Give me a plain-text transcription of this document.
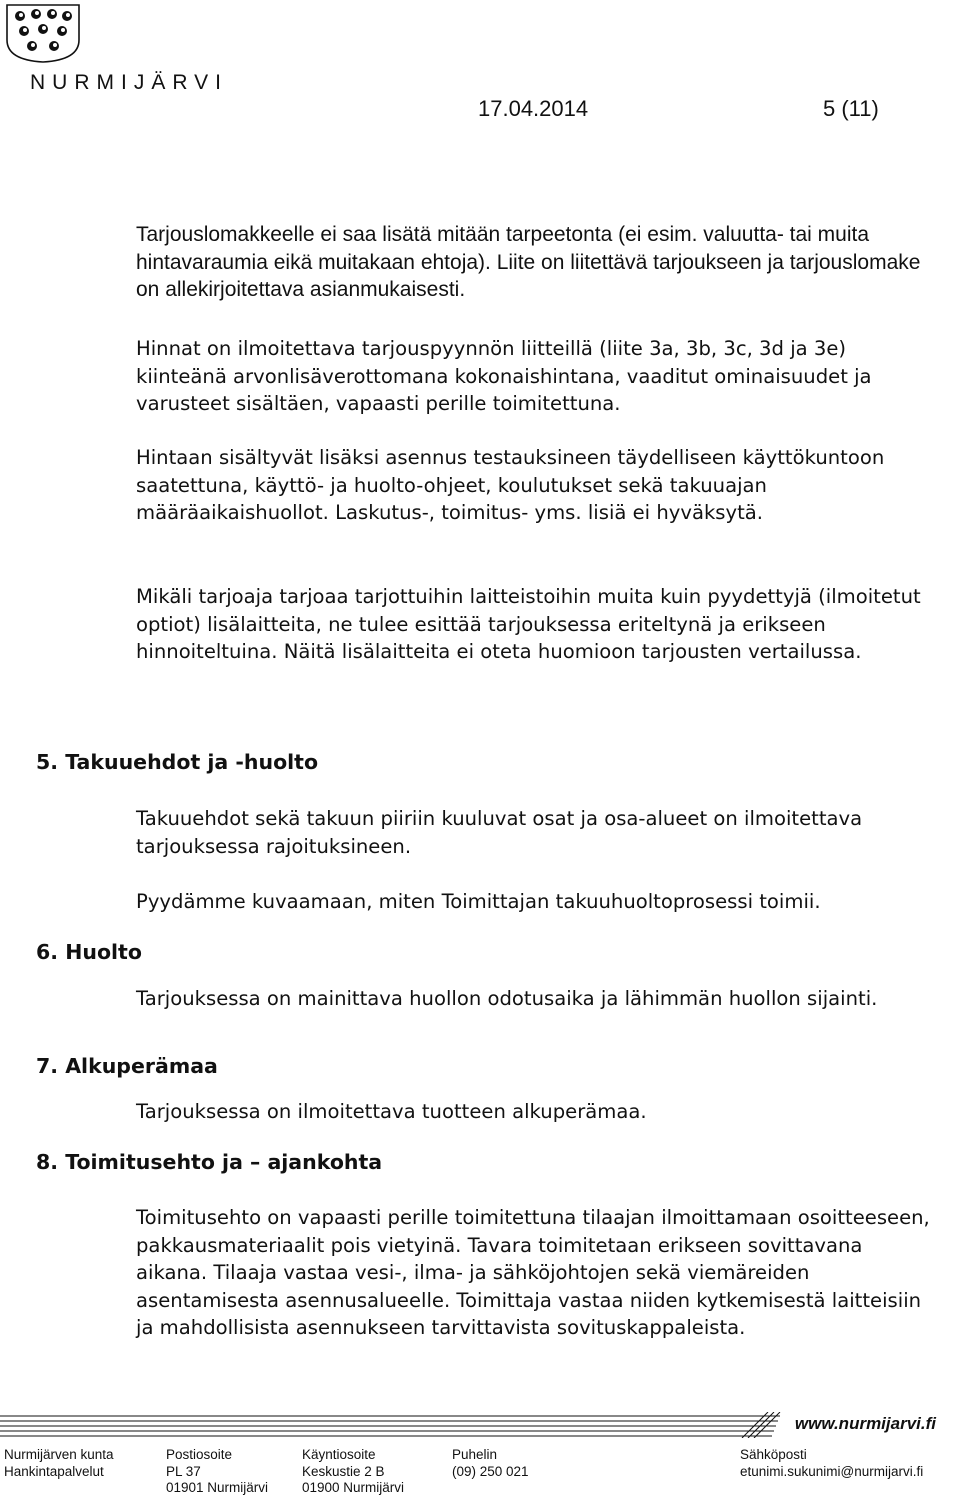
NURMIJÄRVI
17.04.2014	5 (11)

Tarjouslomakkeelle ei saa lisätä mitään tarpeetonta (ei esim. valuutta- tai muita hintavaraumia eikä muitakaan ehtoja). Liite on liitettävä tarjoukseen ja tarjouslomake on allekirjoitettava asianmukaisesti.

Hinnat on ilmoitettava tarjouspyynnön liitteillä (liite 3a, 3b, 3c, 3d ja 3e) kiinteänä arvonlisäverottomana kokonaishintana, vaaditut ominaisuudet ja varusteet sisältäen, vapaasti perille toimitettuna.

Hintaan sisältyvät lisäksi asennus testauksineen täydelliseen käyttökuntoon saatettuna, käyttö- ja huolto-ohjeet, koulutukset sekä takuuajan määräaikaishuollot. Laskutus-, toimitus- yms. lisiä ei hyväksytä.

Mikäli tarjoaja tarjoaa tarjottuihin laitteistoihin muita kuin pyydettyjä (ilmoitetut optiot) lisälaitteita, ne tulee esittää tarjouksessa eriteltynä ja erikseen hinnoiteltuina. Näitä lisälaitteita ei oteta huomioon tarjousten vertailussa.

5. Takuuehdot ja -huolto

Takuuehdot sekä takuun piiriin kuuluvat osat ja osa-alueet on ilmoitettava tarjouksessa rajoituksineen.

Pyydämme kuvaamaan, miten Toimittajan takuuhuoltoprosessi toimii.

6. Huolto

Tarjouksessa on mainittava huollon odotusaika ja lähimmän huollon sijainti.

7. Alkuperämaa

Tarjouksessa on ilmoitettava tuotteen alkuperämaa.

8. Toimitusehto ja – ajankohta

Toimitusehto on vapaasti perille toimitettuna tilaajan ilmoittamaan osoitteeseen, pakkausmateriaalit pois vietyinä. Tavara toimitetaan erikseen sovittavana aikana. Tilaaja vastaa vesi-, ilma- ja sähköjohtojen sekä viemäreiden asentamisesta asennusalueelle. Toimittaja vastaa niiden kytkemisestä laitteisiin ja mahdollisista asennukseen tarvittavista sovituskappaleista.

www.nurmijarvi.fi
Nurmijärven kunta
Hankintapalvelut
Postiosoite
PL 37
01901 Nurmijärvi
Käyntiosoite
Keskustie 2 B
01900 Nurmijärvi
Puhelin
(09) 250 021
Sähköposti
etunimi.sukunimi@nurmijarvi.fi
